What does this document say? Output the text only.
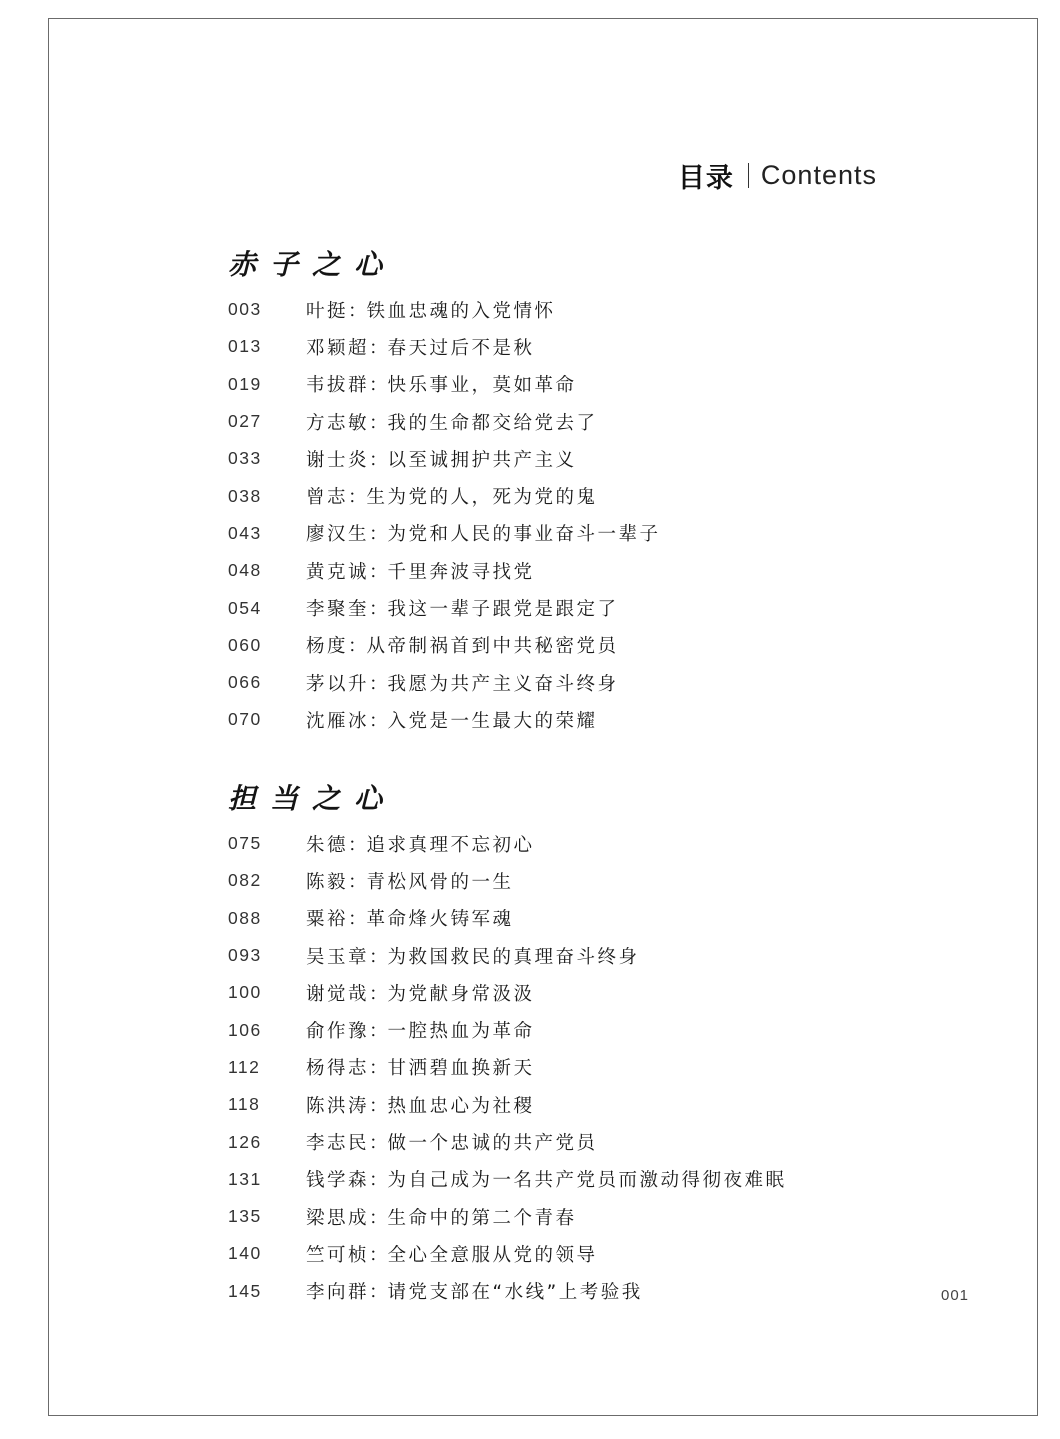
目录 Contents
赤子之心
003	叶挺 ： 铁血忠魂的入党情怀
013	邓颖超 ： 春天过后不是秋
019	韦拔群 ： 快乐事业，莫如革命
027	方志敏 ： 我的生命都交给党去了
033	谢士炎 ： 以至诚拥护共产主义
038	曾志 ： 生为党的人，死为党的鬼
043	廖汉生 ： 为党和人民的事业奋斗一辈子
048	黄克诚 ： 千里奔波寻找党
054	李聚奎 ： 我这一辈子跟党是跟定了
060	杨度 ： 从帝制祸首到中共秘密党员
066	茅以升 ： 我愿为共产主义奋斗终身
070	沈雁冰 ： 入党是一生最大的荣耀
担当之心
075	朱德 ： 追求真理不忘初心
082	陈毅 ： 青松风骨的一生
088	粟裕 ： 革命烽火铸军魂
093	吴玉章 ： 为救国救民的真理奋斗终身
100	谢觉哉 ： 为党献身常汲汲
106	俞作豫 ： 一腔热血为革命
112	杨得志 ： 甘洒碧血换新天
118	陈洪涛 ： 热血忠心为社稷
126	李志民 ： 做一个忠诚的共产党员
131	钱学森 ： 为自己成为一名共产党员而激动得彻夜难眠
135	梁思成 ： 生命中的第二个青春
140	竺可桢 ： 全心全意服从党的领导
145	李向群 ： 请党支部在“水线”上考验我	001
